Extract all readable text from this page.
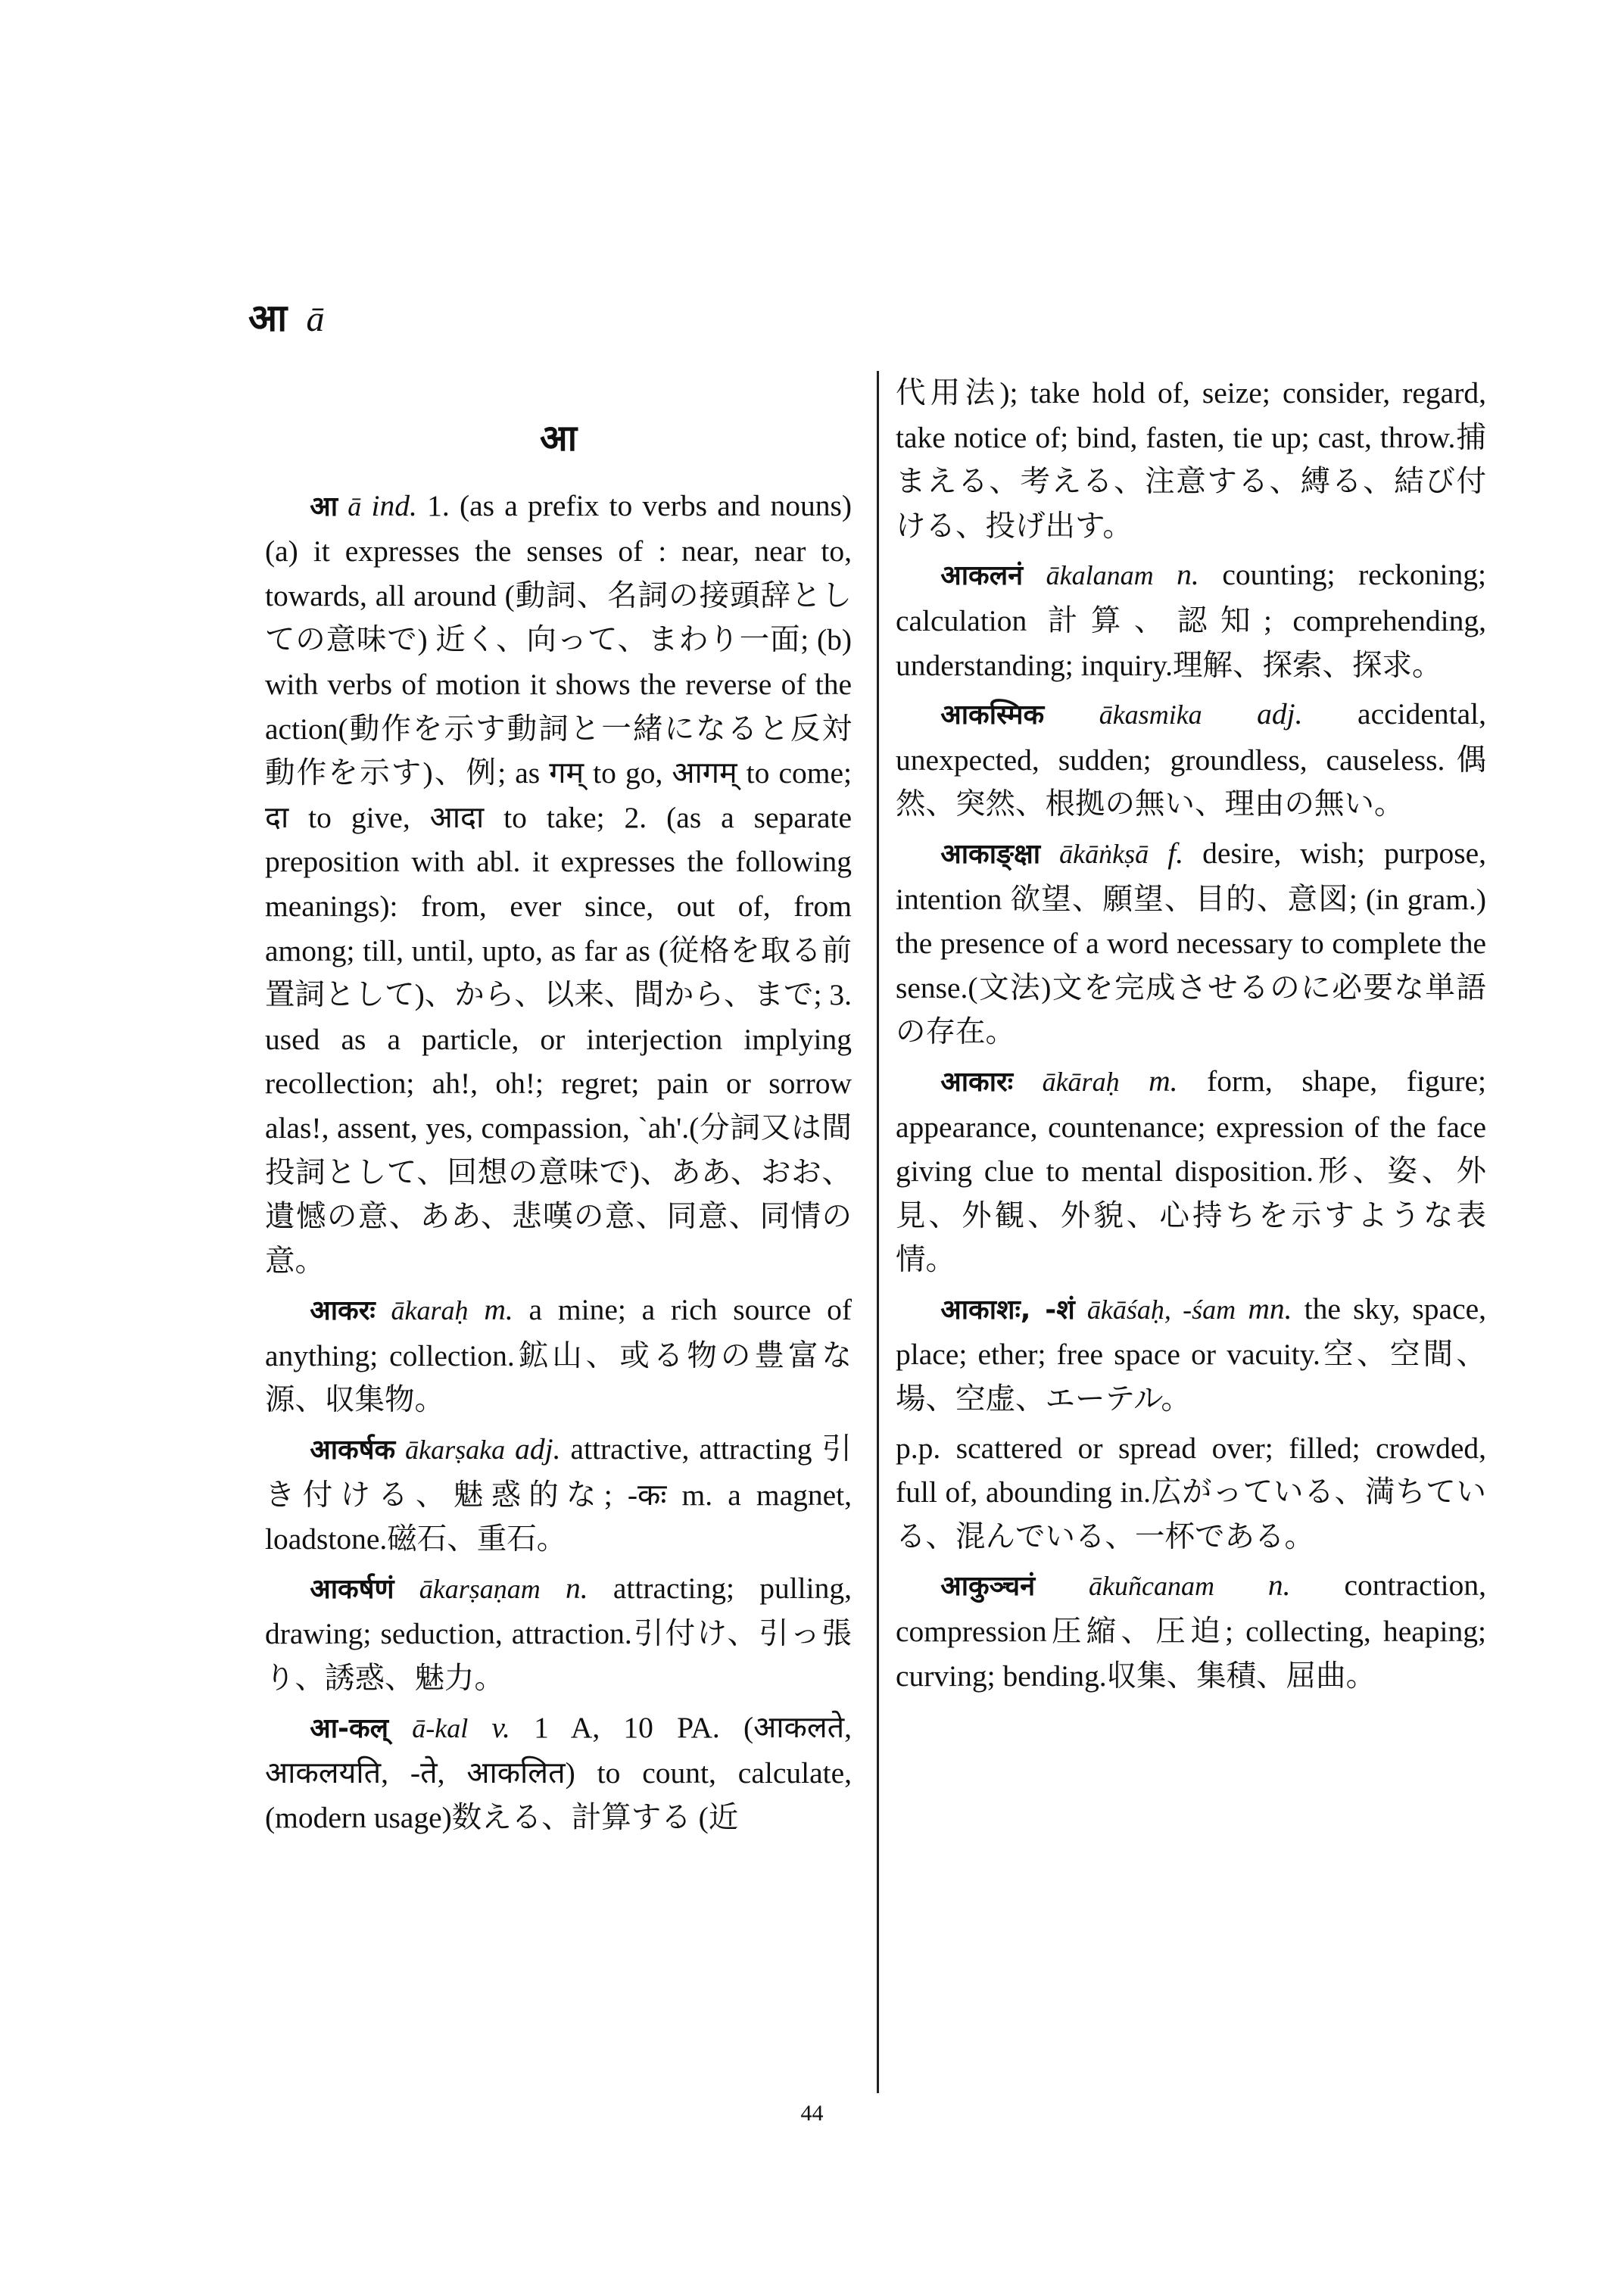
आ ā
आ

आ ā ind. 1. (as a prefix to verbs and nouns) (a) it expresses the senses of : near, near to, towards, all around (動詞、名詞の接頭辞としての意味で) 近く、向って、まわり一面; (b) with verbs of motion it shows the reverse of the action(動作を示す動詞と一緒になると反対動作を示す)、例; as गम् to go, आगम् to come; दा to give, आदा to take; 2. (as a separate preposition with abl. it expresses the following meanings): from, ever since, out of, from among; till, until, upto, as far as (従格を取る前置詞として)、から、以来、間から、まで; 3. used as a particle, or interjection implying recollection; ah!, oh!; regret; pain or sorrow alas!, assent, yes, compassion, `ah'.(分詞又は間投詞として、回想の意味で)、ああ、おお、遺憾の意、ああ、悲嘆の意、同意、同情の意。

आकरः ākaraḥ m. a mine; a rich source of anything; collection.鉱山、或る物の豊富な源、収集物。

आकर्षक ākarṣaka adj. attractive, attracting 引き付ける、魅惑的な; -कः m. a magnet, loadstone.磁石、重石。

आकर्षणं ākarṣaṇam n. attracting; pulling, drawing; seduction, attraction.引付け、引っ張り、誘惑、魅力。

आ-कल् ā-kal v. 1 A, 10 PA. (आकलते, आकलयति, -ते, आकलित) to count, calculate, (modern usage)数える、計算する (近

代用法); take hold of, seize; consider, regard, take notice of; bind, fasten, tie up; cast, throw.捕まえる、考える、注意する、縛る、結び付ける、投げ出す。

आकलनं ākalanam n. counting; reckoning; calculation 計算、認知; comprehending, understanding; inquiry.理解、探索、探求。

आकस्मिक ākasmika adj. accidental, unexpected, sudden; groundless, causeless.偶然、突然、根拠の無い、理由の無い。

आकाङ्क्षा ākāṅkṣā f. desire, wish; purpose, intention 欲望、願望、目的、意図; (in gram.) the presence of a word necessary to complete the sense.(文法)文を完成させるのに必要な単語の存在。

आकारः ākāraḥ m. form, shape, figure; appearance, countenance; expression of the face giving clue to mental disposition.形、姿、外見、外観、外貌、心持ちを示すような表情。

आकाशः, -शं ākāśaḥ, -śam mn. the sky, space, place; ether; free space or vacuity.空、空間、場、空虚、エーテル。

p.p. scattered or spread over; filled; crowded, full of, abounding in.広がっている、満ちている、混んでいる、一杯である。

आकुञ्चनं ākuñcanam n. contraction, compression圧縮、圧迫; collecting, heaping; curving; bending.収集、集積、屈曲。

44
